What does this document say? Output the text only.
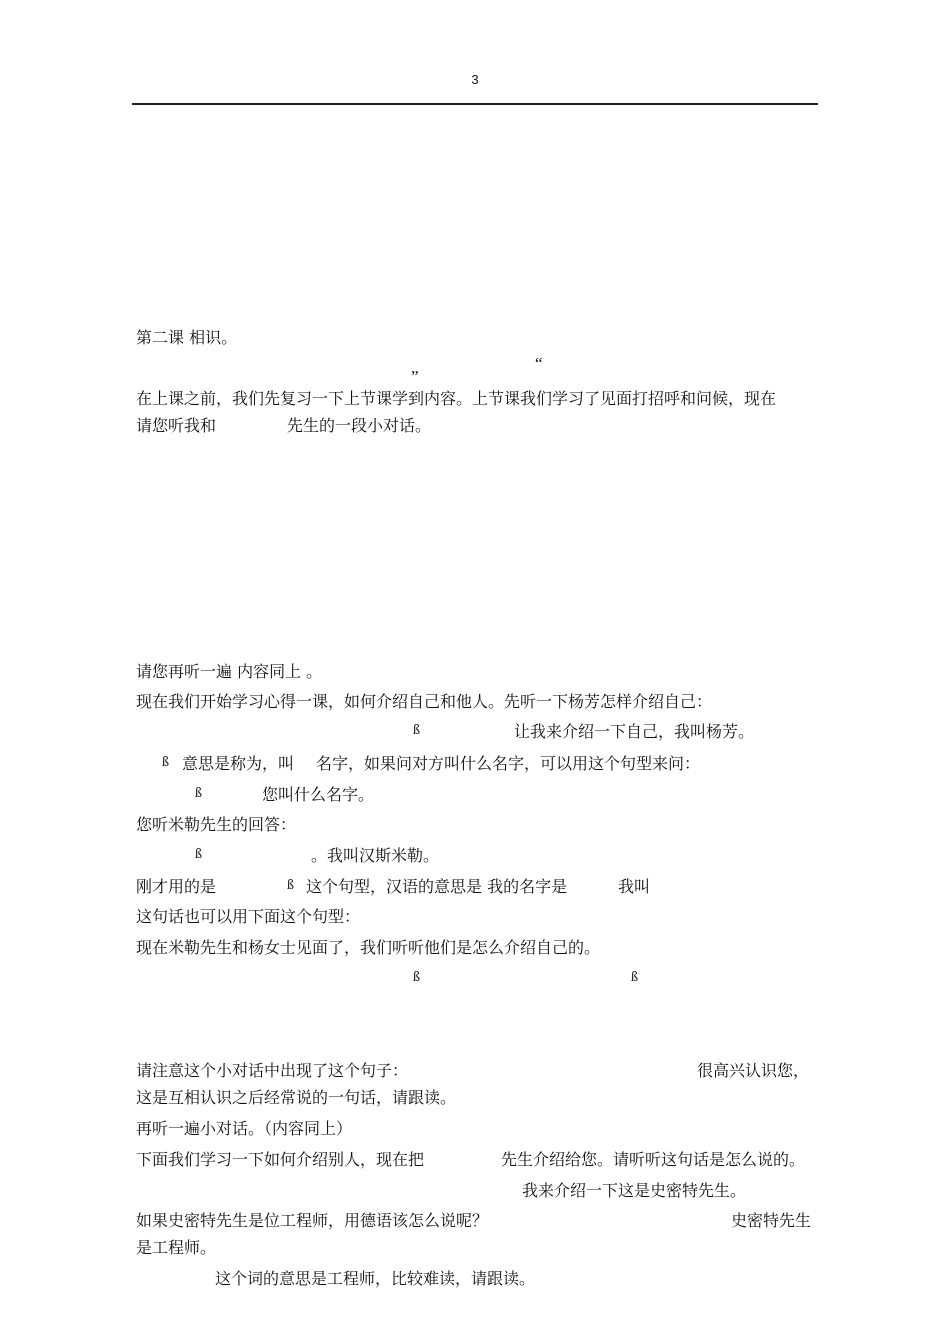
3
第二课 相识。
„	“
在上课之前，我们先复习一下上节课学到内容。上节课我们学习了见面打招呼和问候，现在
请您听我和	先生的一段小对话。
请您再听一遍 内容同上 。
现在我们开始学习心得一课，如何介绍自己和他人。先听一下杨芳怎样介绍自己：
ß	让我来介绍一下自己，我叫杨芳。
ß 意思是称为，叫 名字，如果问对方叫什么名字，可以用这个句型来问：
ß	您叫什么名字。
您听米勒先生的回答：
ß	。我叫汉斯米勒。
刚才用的是	ß 这个句型，汉语的意思是 我的名字是	我叫
这句话也可以用下面这个句型：
现在米勒先生和杨女士见面了，我们听听他们是怎么介绍自己的。
ß	ß
请注意这个小对话中出现了这个句子：	很高兴认识您，
这是互相认识之后经常说的一句话，请跟读。
再听一遍小对话。（内容同上）
下面我们学习一下如何介绍别人，现在把	先生介绍给您。请听听这句话是怎么说的。
我来介绍一下这是史密特先生。
如果史密特先生是位工程师，用德语该怎么说呢？	史密特先生
是工程师。
这个词的意思是工程师，比较难读，请跟读。
